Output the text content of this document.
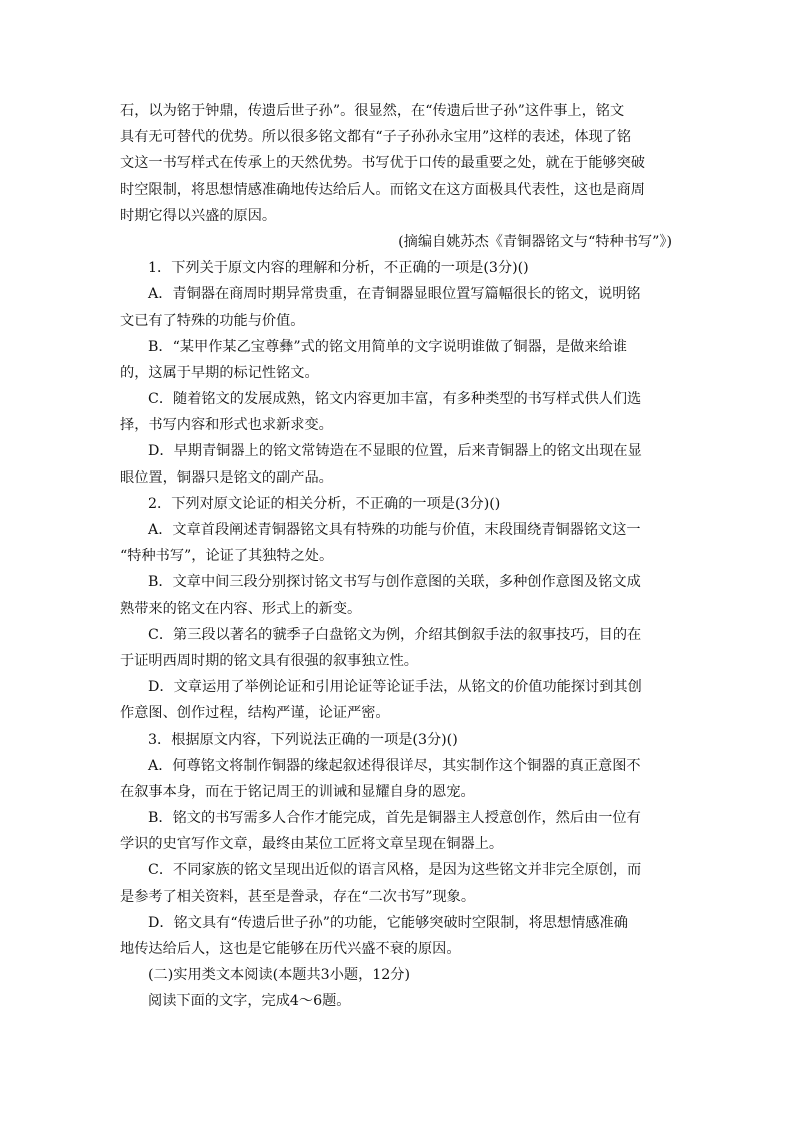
石，以为铭于钟鼎，传遗后世子孙”。很显然，在“传遗后世子孙”这件事上，铭文
具有无可替代的优势。所以很多铭文都有“子子孙孙永宝用”这样的表述，体现了铭
文这一书写样式在传承上的天然优势。书写优于口传的最重要之处，就在于能够突破
时空限制，将思想情感准确地传达给后人。而铭文在这方面极具代表性，这也是商周
时期它得以兴盛的原因。
(摘编自姚苏杰《青铜器铭文与“特种书写”》)
1．下列关于原文内容的理解和分析，不正确的一项是(3分)()
A．青铜器在商周时期异常贵重，在青铜器显眼位置写篇幅很长的铭文，说明铭
文已有了特殊的功能与价值。
B．“某甲作某乙宝尊彝”式的铭文用简单的文字说明谁做了铜器，是做来给谁
的，这属于早期的标记性铭文。
C．随着铭文的发展成熟，铭文内容更加丰富，有多种类型的书写样式供人们选
择，书写内容和形式也求新求变。
D．早期青铜器上的铭文常铸造在不显眼的位置，后来青铜器上的铭文出现在显
眼位置，铜器只是铭文的副产品。
2．下列对原文论证的相关分析，不正确的一项是(3分)()
A．文章首段阐述青铜器铭文具有特殊的功能与价值，末段围绕青铜器铭文这一
“特种书写”，论证了其独特之处。
B．文章中间三段分别探讨铭文书写与创作意图的关联，多种创作意图及铭文成
熟带来的铭文在内容、形式上的新变。
C．第三段以著名的虢季子白盘铭文为例，介绍其倒叙手法的叙事技巧，目的在
于证明西周时期的铭文具有很强的叙事独立性。
D．文章运用了举例论证和引用论证等论证手法，从铭文的价值功能探讨到其创
作意图、创作过程，结构严谨，论证严密。
3．根据原文内容，下列说法正确的一项是(3分)()
A．何尊铭文将制作铜器的缘起叙述得很详尽，其实制作这个铜器的真正意图不
在叙事本身，而在于铭记周王的训诫和显耀自身的恩宠。
B．铭文的书写需多人合作才能完成，首先是铜器主人授意创作，然后由一位有
学识的史官写作文章，最终由某位工匠将文章呈现在铜器上。
C．不同家族的铭文呈现出近似的语言风格，是因为这些铭文并非完全原创，而
是参考了相关资料，甚至是誊录，存在“二次书写”现象。
D．铭文具有“传遗后世子孙”的功能，它能够突破时空限制，将思想情感准确
地传达给后人，这也是它能够在历代兴盛不衰的原因。
(二)实用类文本阅读(本题共3小题，12分)
阅读下面的文字，完成4～6题。
